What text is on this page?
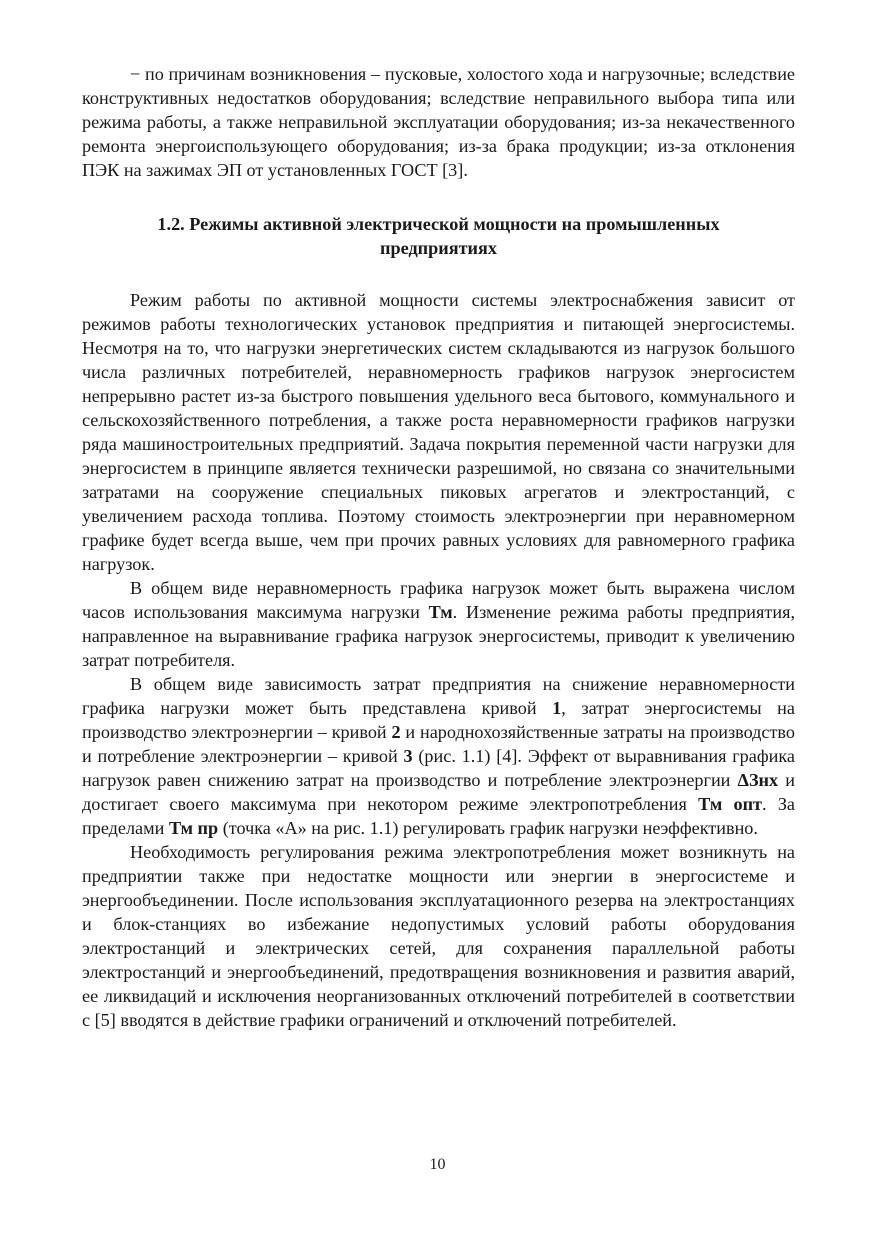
− по причинам возникновения – пусковые, холостого хода и нагрузочные; вследствие конструктивных недостатков оборудования; вследствие неправильного выбора типа или режима работы, а также неправильной эксплуатации оборудования; из-за некачественного ремонта энергоиспользующего оборудования; из-за брака продукции; из-за отклонения ПЭК на зажимах ЭП от установленных ГОСТ [3].

1.2. Режимы активной электрической мощности на промышленных
предприятиях

Режим работы по активной мощности системы электроснабжения зависит от режимов работы технологических установок предприятия и питающей энергосистемы. Несмотря на то, что нагрузки энергетических систем складываются из нагрузок большого числа различных потребителей, неравномерность графиков нагрузок энергосистем непрерывно растет из-за быстрого повышения удельного веса бытового, коммунального и сельскохозяйственного потребления, а также роста неравномерности графиков нагрузки ряда машиностроительных предприятий. Задача покрытия переменной части нагрузки для энергосистем в принципе является технически разрешимой, но связана со значительными затратами на сооружение специальных пиковых агрегатов и электростанций, с увеличением расхода топлива. Поэтому стоимость электроэнергии при неравномерном графике будет всегда выше, чем при прочих равных условиях для равномерного графика нагрузок.

В общем виде неравномерность графика нагрузок может быть выражена числом часов использования максимума нагрузки Тм. Изменение режима работы предприятия, направленное на выравнивание графика нагрузок энергосистемы, приводит к увеличению затрат потребителя.

В общем виде зависимость затрат предприятия на снижение неравномерности графика нагрузки может быть представлена кривой 1, затрат энергосистемы на производство электроэнергии – кривой 2 и народнохозяйственные затраты на производство и потребление электроэнергии – кривой 3 (рис. 1.1) [4]. Эффект от выравнивания графика нагрузок равен снижению затрат на производство и потребление электроэнергии ΔЗнх и достигает своего максимума при некотором режиме электропотребления Тм опт. За пределами Тм пр (точка «А» на рис. 1.1) регулировать график нагрузки неэффективно.

Необходимость регулирования режима электропотребления может возникнуть на предприятии также при недостатке мощности или энергии в энергосистеме и энергообъединении. После использования эксплуатационного резерва на электростанциях и блок-станциях во избежание недопустимых условий работы оборудования электростанций и электрических сетей, для сохранения параллельной работы электростанций и энергообъединений, предотвращения возникновения и развития аварий, ее ликвидаций и исключения неорганизованных отключений потребителей в соответствии с [5] вводятся в действие графики ограничений и отключений потребителей.

10
